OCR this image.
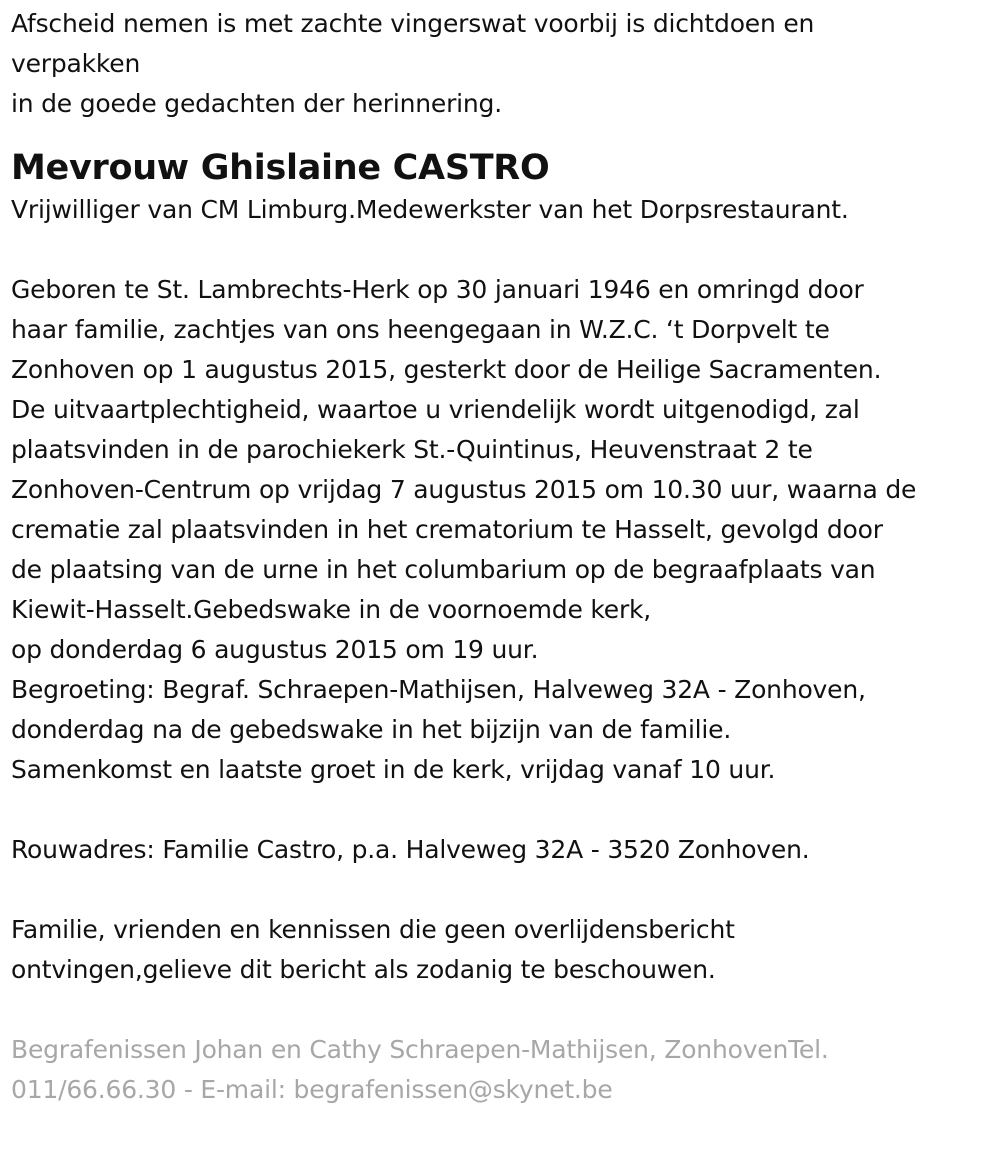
Afscheid nemen is met zachte vingerswat voorbij is dichtdoen en
verpakken
in de goede gedachten der herinnering.
Mevrouw Ghislaine CASTRO
Vrijwilliger van CM Limburg.Medewerkster van het Dorpsrestaurant.
Geboren te St. Lambrechts-Herk op 30 januari 1946 en omringd door
haar familie, zachtjes van ons heengegaan in W.Z.C. ‘t Dorpvelt te
Zonhoven op 1 augustus 2015, gesterkt door de Heilige Sacramenten.
De uitvaartplechtigheid, waartoe u vriendelijk wordt uitgenodigd, zal
plaatsvinden in de parochiekerk St.-Quintinus, Heuvenstraat 2 te
Zonhoven-Centrum op vrijdag 7 augustus 2015 om 10.30 uur, waarna de
crematie zal plaatsvinden in het crematorium te Hasselt, gevolgd door
de plaatsing van de urne in het columbarium op de begraafplaats van
Kiewit-Hasselt.Gebedswake in de voornoemde kerk,
op donderdag 6 augustus 2015 om 19 uur.
Begroeting: Begraf. Schraepen-Mathijsen, Halveweg 32A - Zonhoven,
donderdag na de gebedswake in het bijzijn van de familie.
Samenkomst en laatste groet in de kerk, vrijdag vanaf 10 uur.
Rouwadres: Familie Castro, p.a. Halveweg 32A - 3520 Zonhoven.
Familie, vrienden en kennissen die geen overlijdensbericht
ontvingen,gelieve dit bericht als zodanig te beschouwen.
Begrafenissen Johan en Cathy Schraepen-Mathijsen, ZonhovenTel.
011/66.66.30 - E-mail: begrafenissen@skynet.be
